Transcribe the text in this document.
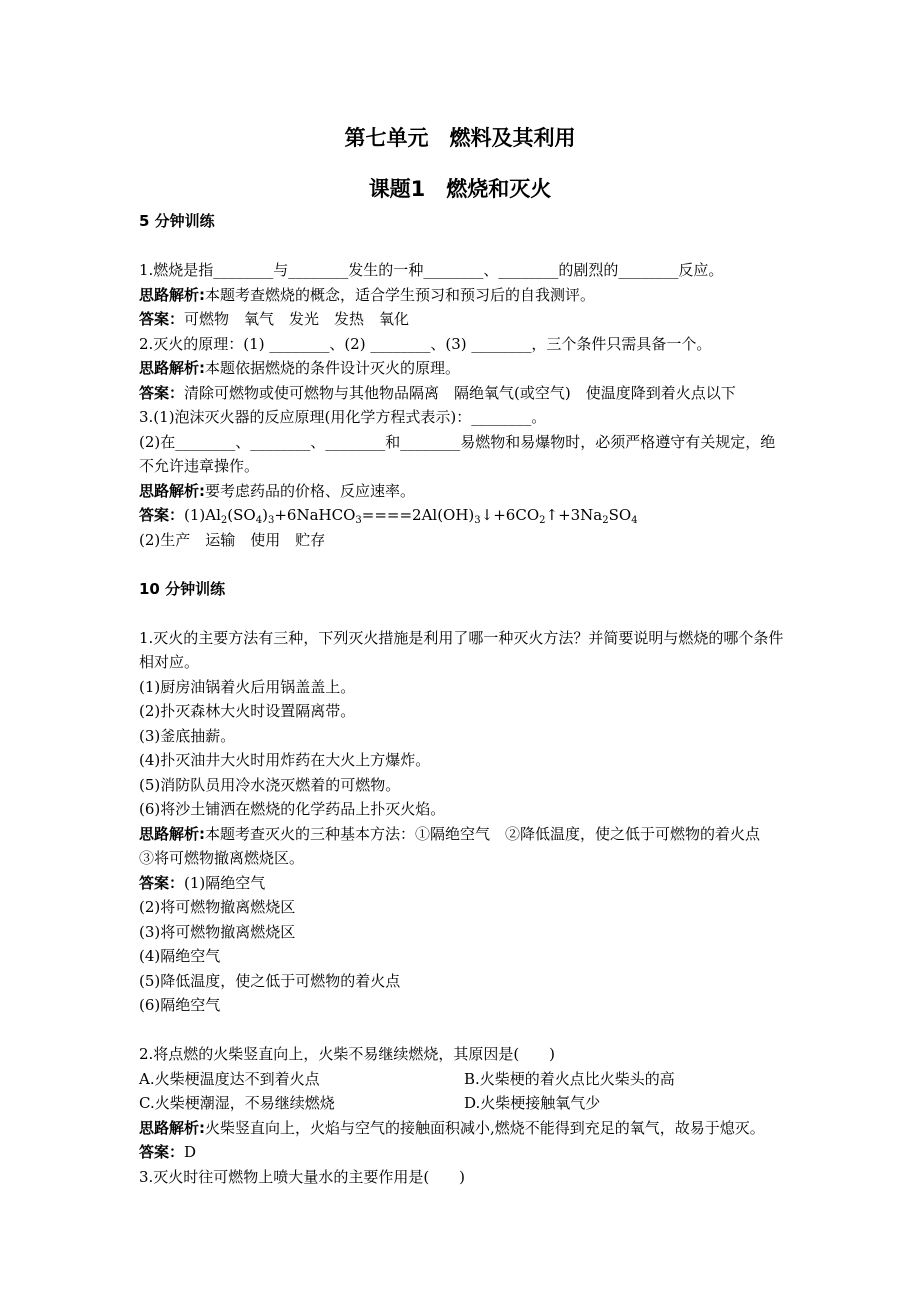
第七单元　燃料及其利用
课题1　燃烧和灭火
5 分钟训练
1.燃烧是指________与________发生的一种________、________的剧烈的________反应。
思路解析:本题考查燃烧的概念，适合学生预习和预习后的自我测评。
答案：可燃物　氧气　发光　发热　氧化
2.灭火的原理：(1) ________、(2) ________、(3) ________，三个条件只需具备一个。
思路解析:本题依据燃烧的条件设计灭火的原理。
答案：清除可燃物或使可燃物与其他物品隔离　隔绝氧气(或空气)　使温度降到着火点以下
3.(1)泡沫灭火器的反应原理(用化学方程式表示)：________。
(2)在________、________、________和________易燃物和易爆物时，必须严格遵守有关规定，绝不允许违章操作。
思路解析:要考虑药品的价格、反应速率。
答案：$(1)Al_2(SO_4)_3+6NaHCO_3====2Al(OH)_3↓+6CO_2↑+3Na_2SO_4$
(2)生产　运输　使用　贮存
10 分钟训练
1.灭火的主要方法有三种，下列灭火措施是利用了哪一种灭火方法？并简要说明与燃烧的哪个条件相对应。
(1)厨房油锅着火后用锅盖盖上。
(2)扑灭森林大火时设置隔离带。
(3)釜底抽薪。
(4)扑灭油井大火时用炸药在大火上方爆炸。
(5)消防队员用冷水浇灭燃着的可燃物。
(6)将沙土铺洒在燃烧的化学药品上扑灭火焰。
思路解析:本题考查灭火的三种基本方法：①隔绝空气　②降低温度，使之低于可燃物的着火点　③将可燃物撤离燃烧区。
答案：(1)隔绝空气
(2)将可燃物撤离燃烧区
(3)将可燃物撤离燃烧区
(4)隔绝空气
(5)降低温度，使之低于可燃物的着火点
(6)隔绝空气
2.将点燃的火柴竖直向上，火柴不易继续燃烧，其原因是(　　)
A.火柴梗温度达不到着火点	B.火柴梗的着火点比火柴头的高
C.火柴梗潮湿，不易继续燃烧	D.火柴梗接触氧气少
思路解析:火柴竖直向上，火焰与空气的接触面积减小,燃烧不能得到充足的氧气，故易于熄灭。
答案：D
3.灭火时往可燃物上喷大量水的主要作用是(　　)
